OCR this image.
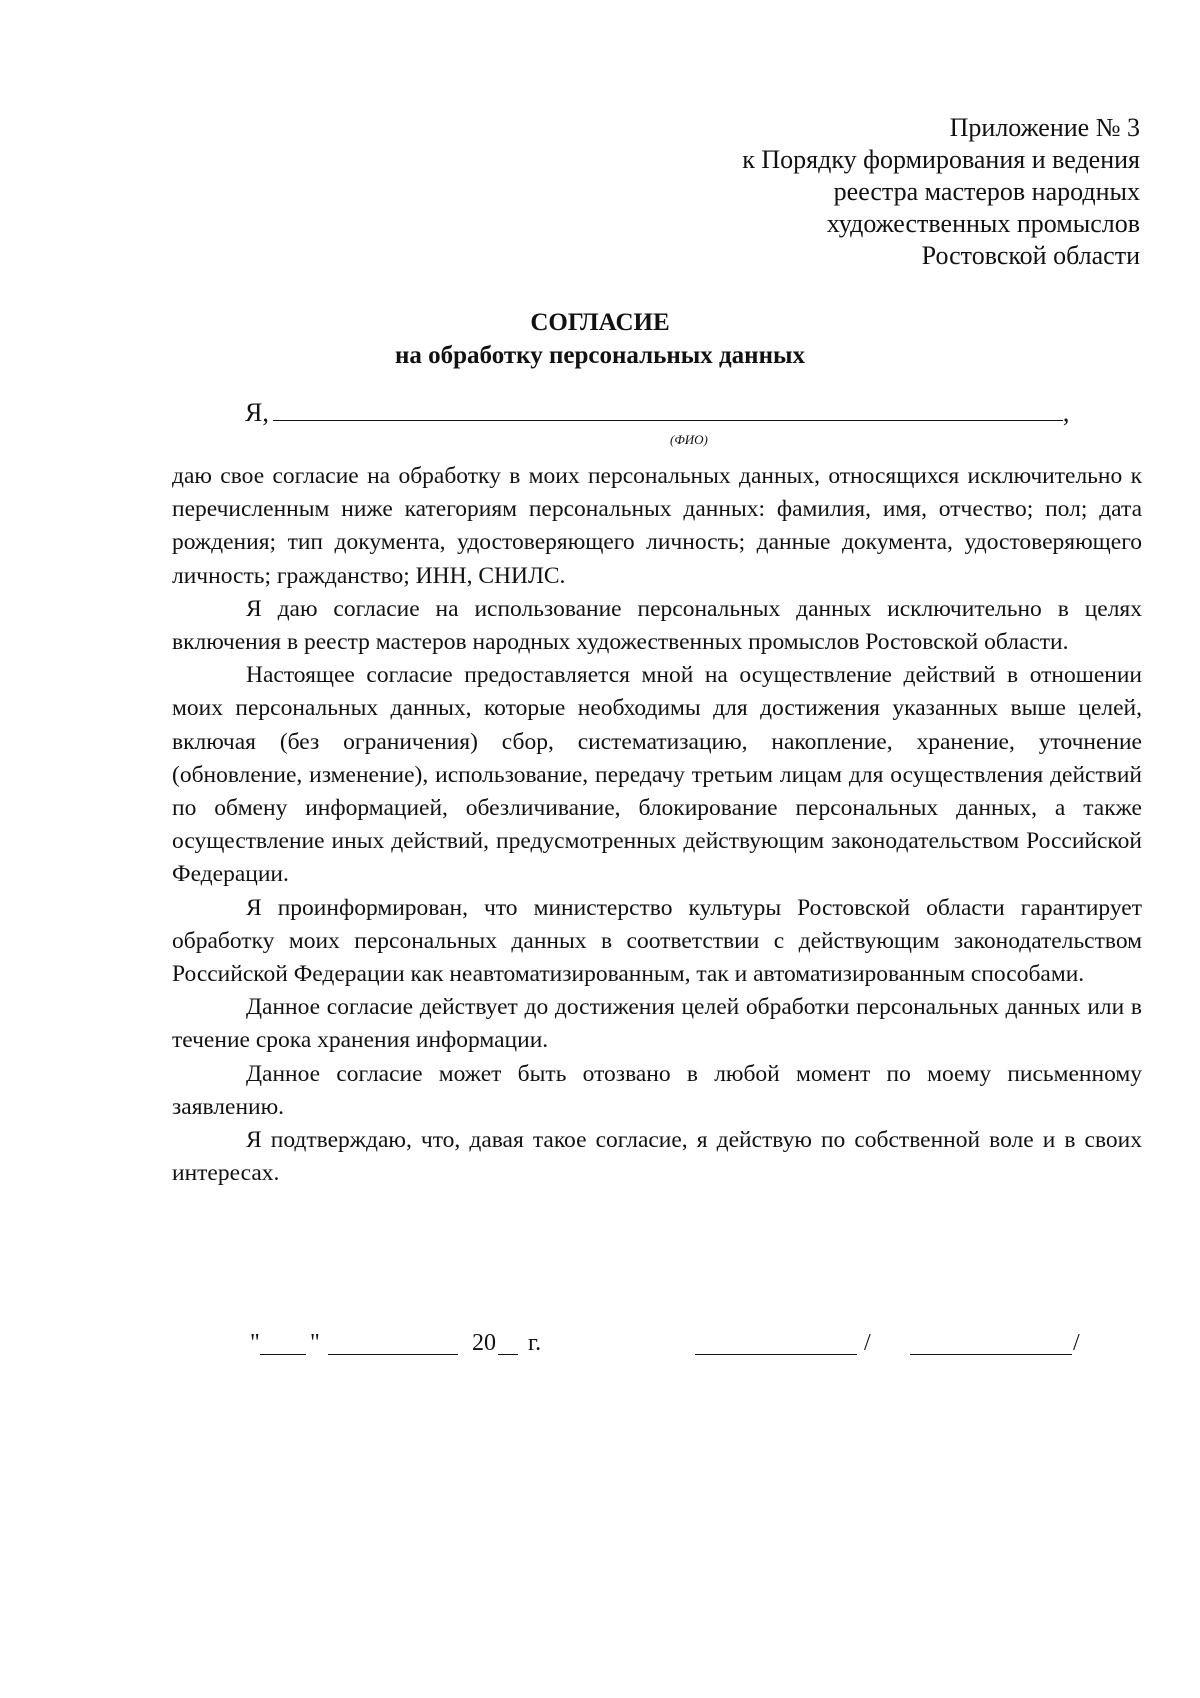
Приложение № 3
к Порядку формирования и ведения
реестра мастеров народных
художественных промыслов
Ростовской области
СОГЛАСИЕ
на обработку персональных данных
Я,	,
(ФИО)

даю свое согласие на обработку в моих персональных данных, относящихся исключительно к перечисленным ниже категориям персональных данных: фамилия, имя, отчество; пол; дата рождения; тип документа, удостоверяющего личность; данные документа, удостоверяющего личность; гражданство; ИНН, СНИЛС.

Я даю согласие на использование персональных данных исключительно в целях включения в реестр мастеров народных художественных промыслов Ростовской области.

Настоящее согласие предоставляется мной на осуществление действий в отношении моих персональных данных, которые необходимы для достижения указанных выше целей, включая (без ограничения) сбор, систематизацию, накопление, хранение, уточнение (обновление, изменение), использование, передачу третьим лицам для осуществления действий по обмену информацией, обезличивание, блокирование персональных данных, а также осуществление иных действий, предусмотренных действующим законодательством Российской Федерации.

Я проинформирован, что министерство культуры Ростовской области гарантирует обработку моих персональных данных в соответствии с действующим законодательством Российской Федерации как неавтоматизированным, так и автоматизированным способами.

Данное согласие действует до достижения целей обработки персональных данных или в течение срока хранения информации.

Данное согласие может быть отозвано в любой момент по моему письменному заявлению.

Я подтверждаю, что, давая такое согласие, я действую по собственной воле и в своих интересах.

" "	20 г.	/	/
